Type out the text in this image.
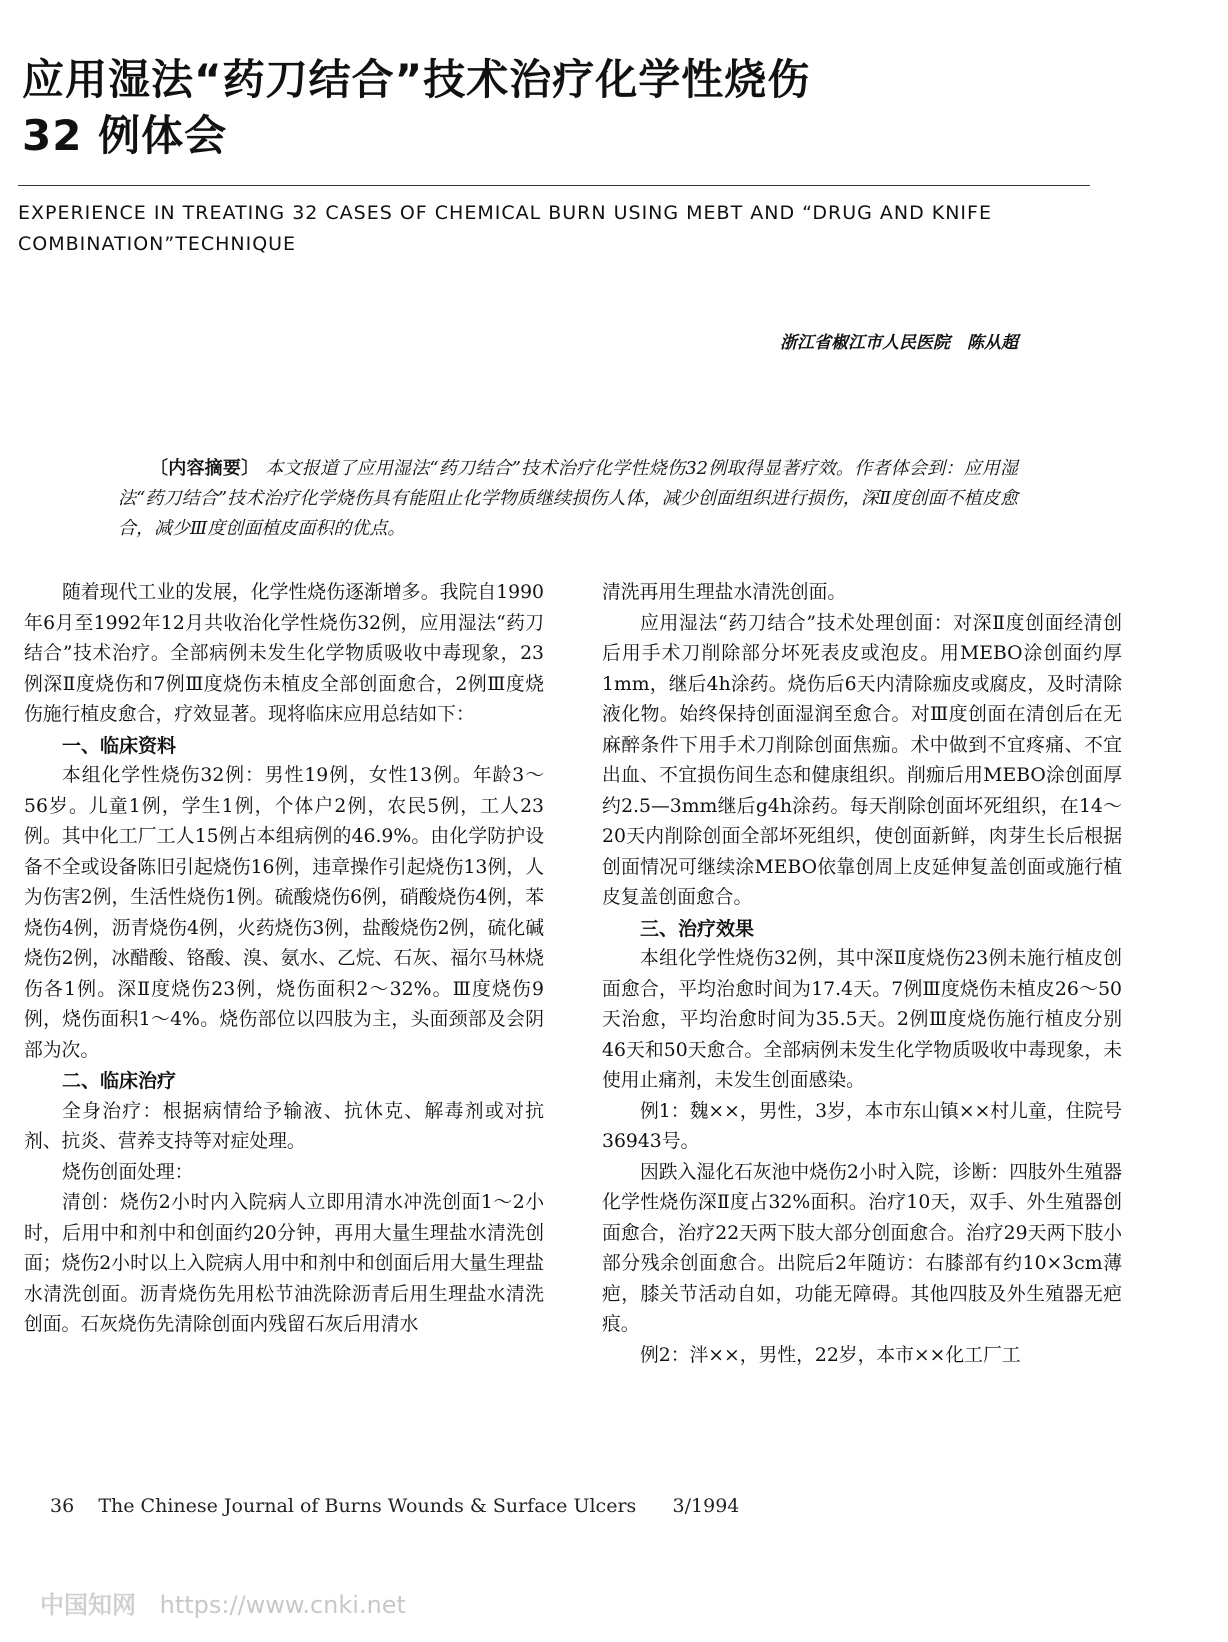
应用湿法“药刀结合”技术治疗化学性烧伤
32 例体会
EXPERIENCE IN TREATING 32 CASES OF CHEMICAL BURN USING MEBT AND “DRUG AND KNIFE
COMBINATION”TECHNIQUE
浙江省椒江市人民医院　陈从超
〔内容摘要〕 本文报道了应用湿法“药刀结合”技术治疗化学性烧伤32例取得显著疗效。作者体会到：应用湿法“药刀结合”技术治疗化学烧伤具有能阻止化学物质继续损伤人体，减少创面组织进行损伤，深Ⅱ度创面不植皮愈合，减少Ⅲ度创面植皮面积的优点。

随着现代工业的发展，化学性烧伤逐渐增多。我院自1990年6月至1992年12月共收治化学性烧伤32例，应用湿法“药刀结合”技术治疗。全部病例未发生化学物质吸收中毒现象，23例深Ⅱ度烧伤和7例Ⅲ度烧伤未植皮全部创面愈合，2例Ⅲ度烧伤施行植皮愈合，疗效显著。现将临床应用总结如下：

一、临床资料

本组化学性烧伤32例：男性19例，女性13例。年龄3～56岁。儿童1例，学生1例，个体户2例，农民5例，工人23例。其中化工厂工人15例占本组病例的46.9%。由化学防护设备不全或设备陈旧引起烧伤16例，违章操作引起烧伤13例，人为伤害2例，生活性烧伤1例。硫酸烧伤6例，硝酸烧伤4例，苯烧伤4例，沥青烧伤4例，火药烧伤3例，盐酸烧伤2例，硫化碱烧伤2例，冰醋酸、铬酸、溴、氨水、乙烷、石灰、福尔马林烧伤各1例。深Ⅱ度烧伤23例，烧伤面积2～32%。Ⅲ度烧伤9例，烧伤面积1～4%。烧伤部位以四肢为主，头面颈部及会阴部为次。

二、临床治疗

全身治疗：根据病情给予输液、抗休克、解毒剂或对抗剂、抗炎、营养支持等对症处理。

烧伤创面处理：

清创：烧伤2小时内入院病人立即用清水冲洗创面1～2小时，后用中和剂中和创面约20分钟，再用大量生理盐水清洗创面；烧伤2小时以上入院病人用中和剂中和创面后用大量生理盐水清洗创面。沥青烧伤先用松节油洗除沥青后用生理盐水清洗创面。石灰烧伤先清除创面内残留石灰后用清水

清洗再用生理盐水清洗创面。

应用湿法“药刀结合”技术处理创面：对深Ⅱ度创面经清创后用手术刀削除部分坏死表皮或泡皮。用MEBO涂创面约厚1mm，继后4h涂药。烧伤后6天内清除痂皮或腐皮，及时清除液化物。始终保持创面湿润至愈合。对Ⅲ度创面在清创后在无麻醉条件下用手术刀削除创面焦痂。术中做到不宜疼痛、不宜出血、不宜损伤间生态和健康组织。削痂后用MEBO涂创面厚约2.5—3mm继后g4h涂药。每天削除创面坏死组织，在14～20天内削除创面全部坏死组织，使创面新鲜，肉芽生长后根据创面情况可继续涂MEBO依靠创周上皮延伸复盖创面或施行植皮复盖创面愈合。

三、治疗效果

本组化学性烧伤32例，其中深Ⅱ度烧伤23例未施行植皮创面愈合，平均治愈时间为17.4天。7例Ⅲ度烧伤未植皮26～50天治愈，平均治愈时间为35.5天。2例Ⅲ度烧伤施行植皮分别46天和50天愈合。全部病例未发生化学物质吸收中毒现象，未使用止痛剂，未发生创面感染。

例1：魏××，男性，3岁，本市东山镇××村儿童，住院号36943号。

因跌入湿化石灰池中烧伤2小时入院，诊断：四肢外生殖器化学性烧伤深Ⅱ度占32%面积。治疗10天，双手、外生殖器创面愈合，治疗22天两下肢大部分创面愈合。治疗29天两下肢小部分残余创面愈合。出院后2年随访：右膝部有约10×3cm薄疤，膝关节活动自如，功能无障碍。其他四肢及外生殖器无疤痕。

例2：泮××，男性，22岁，本市××化工厂工

36 The Chinese Journal of Burns Wounds & Surface Ulcers 3/1994
中国知网 https://www.cnki.net
